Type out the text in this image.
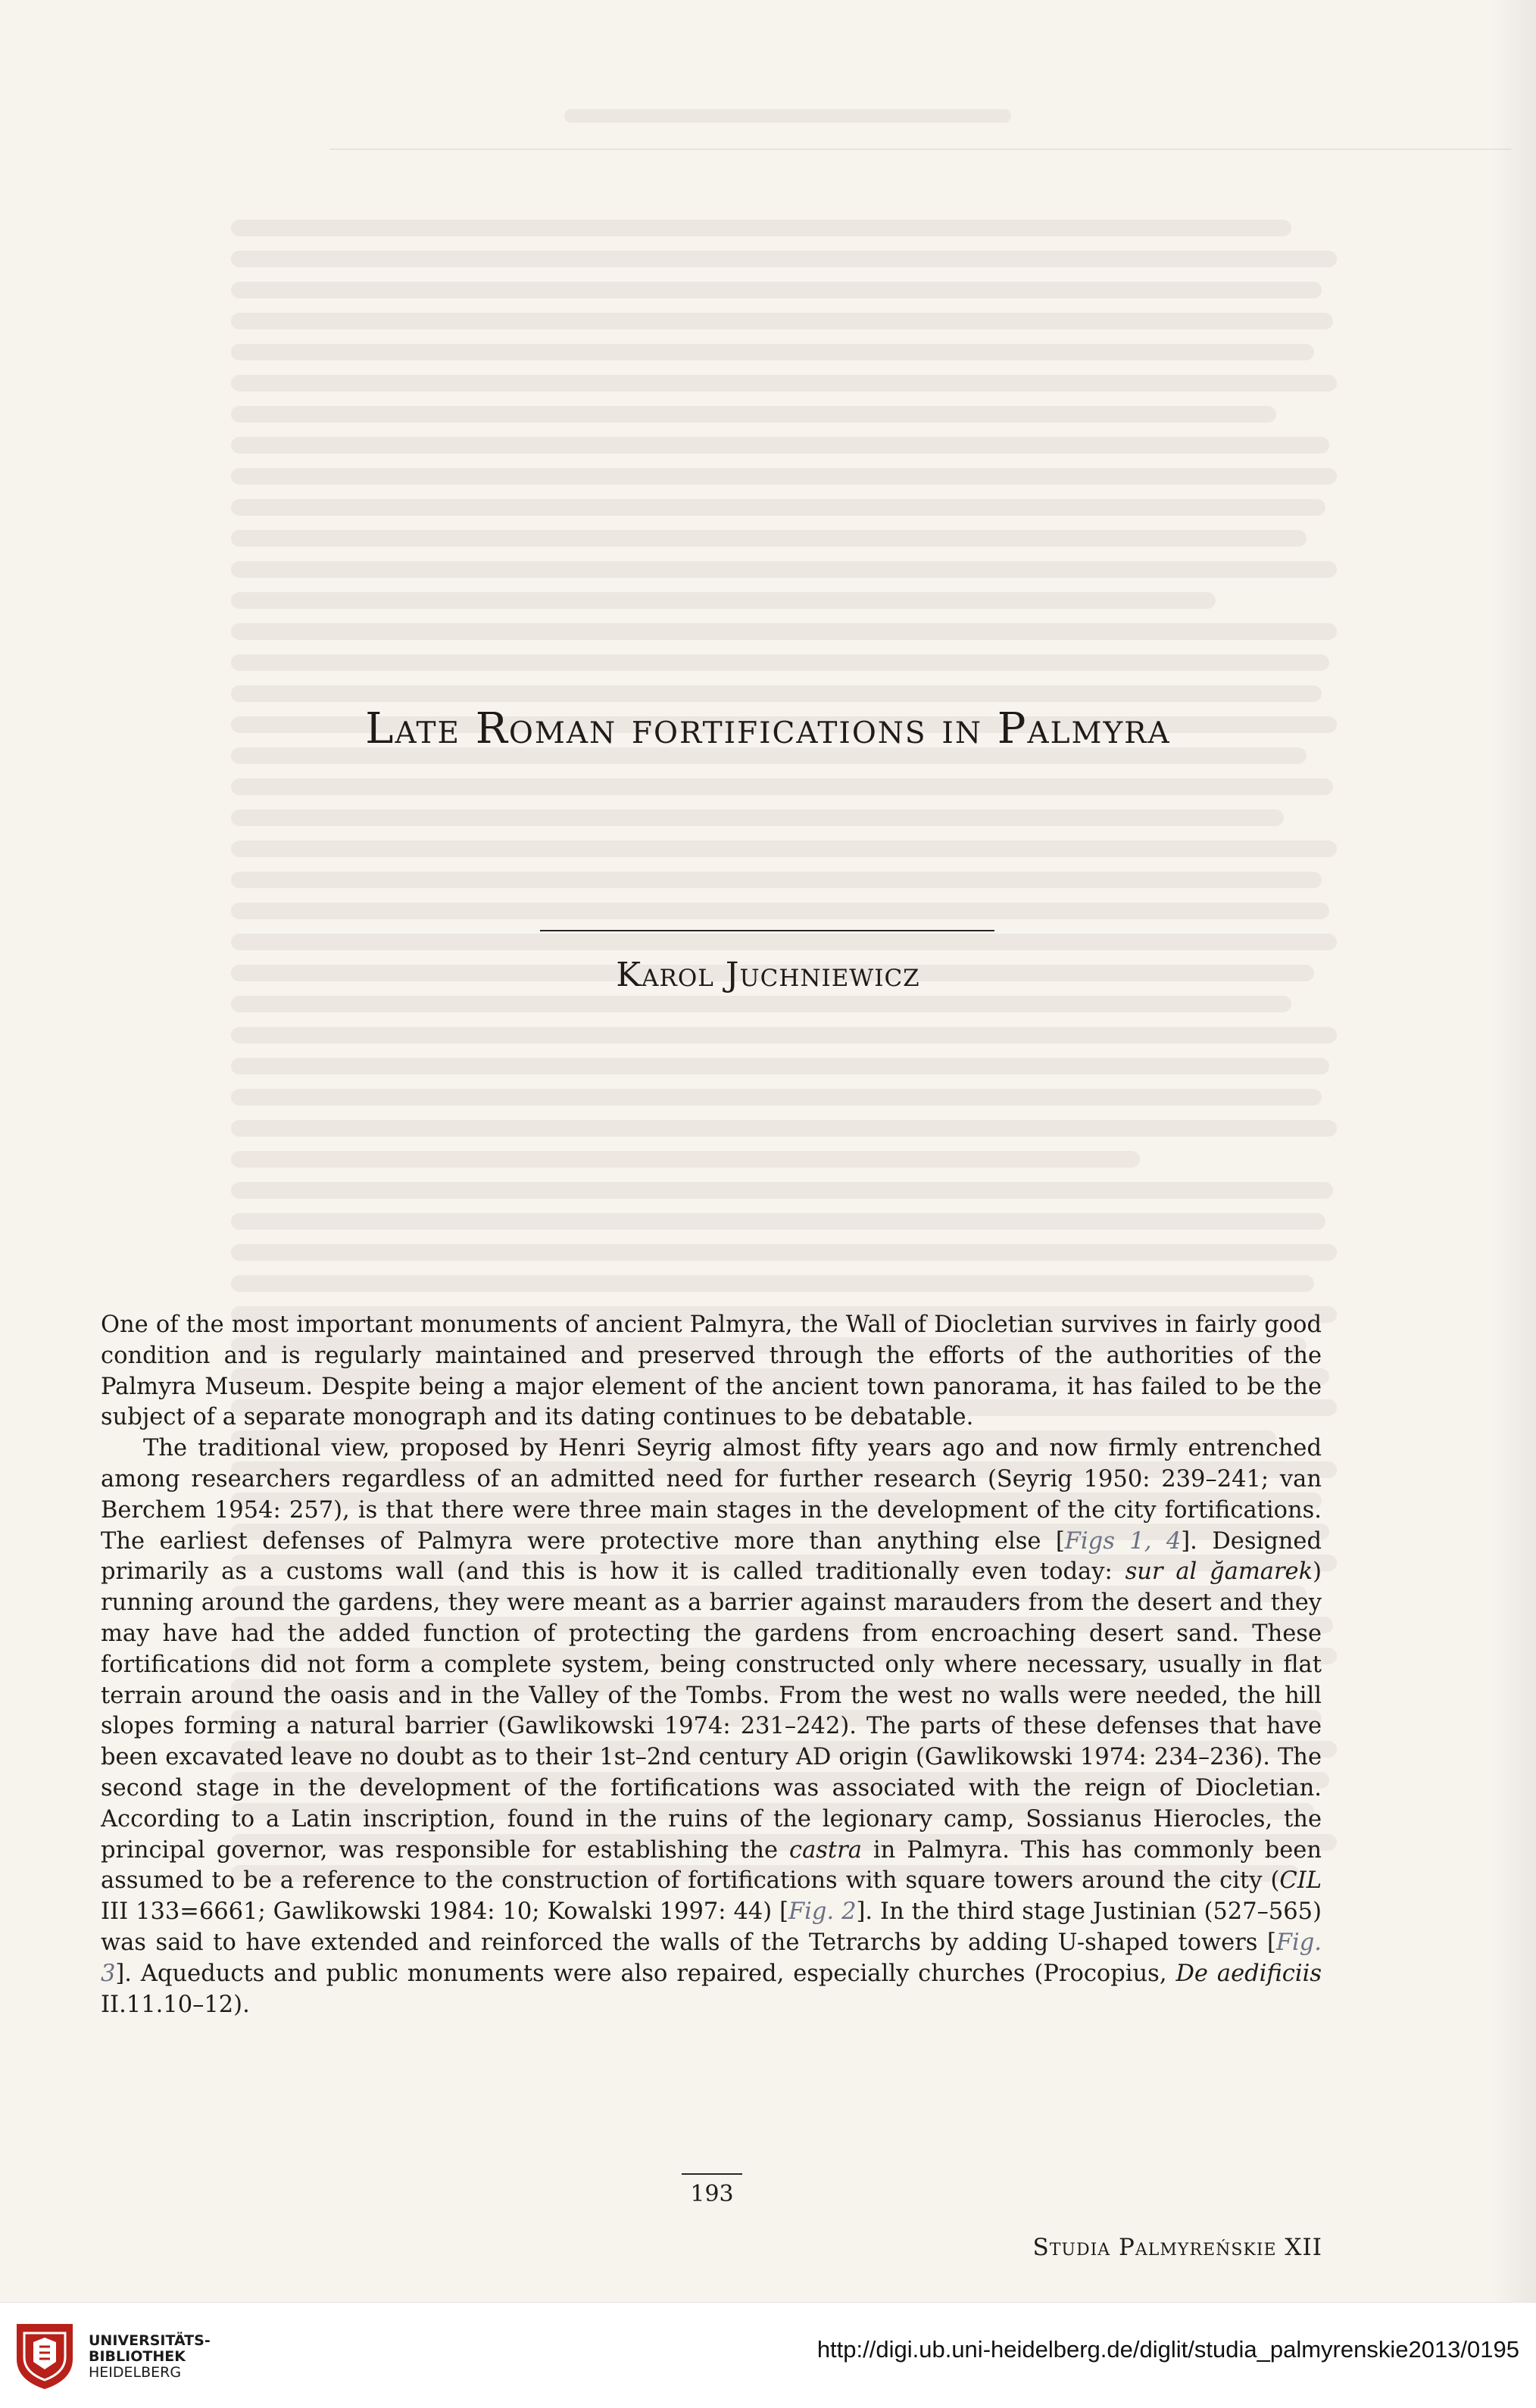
Late Roman fortifications in Palmyra
Karol Juchniewicz

One of the most important monuments of ancient Palmyra, the Wall of Diocletian survives in fairly good condition and is regularly maintained and preserved through the efforts of the authorities of the Palmyra Museum. Despite being a major element of the ancient town panorama, it has failed to be the subject of a separate monograph and its dating continues to be debatable.

The traditional view, proposed by Henri Seyrig almost fifty years ago and now firmly entrenched among researchers regardless of an admitted need for further research (Seyrig 1950: 239–241; van Berchem 1954: 257), is that there were three main stages in the development of the city fortifications. The earliest defenses of Palmyra were protective more than anything else [Figs 1, 4]. Designed primarily as a customs wall (and this is how it is called traditionally even today: sur al ğamarek) running around the gardens, they were meant as a barrier against marauders from the desert and they may have had the added function of protecting the gardens from encroaching desert sand. These fortifications did not form a complete system, being constructed only where necessary, usually in flat terrain around the oasis and in the Valley of the Tombs. From the west no walls were needed, the hill slopes forming a natural barrier (Gawlikowski 1974: 231–242). The parts of these defenses that have been excavated leave no doubt as to their 1st–2nd century AD origin (Gawlikowski 1974: 234–236). The second stage in the development of the fortifications was associated with the reign of Diocletian. According to a Latin inscription, found in the ruins of the legionary camp, Sossianus Hierocles, the principal governor, was responsible for establishing the castra in Palmyra. This has commonly been assumed to be a reference to the construction of fortifications with square towers around the city (CIL III 133=6661; Gawlikowski 1984: 10; Kowalski 1997: 44) [Fig. 2]. In the third stage Justinian (527–565) was said to have extended and reinforced the walls of the Tetrarchs by adding U-shaped towers [Fig. 3]. Aqueducts and public monuments were also repaired, especially churches (Procopius, De aedificiis II.11.10–12).

193
Studia Palmyreńskie XII
UNIVERSITÄTS-
BIBLIOTHEK
HEIDELBERG
http://digi.ub.uni-heidelberg.de/diglit/studia_palmyrenskie2013/0195
